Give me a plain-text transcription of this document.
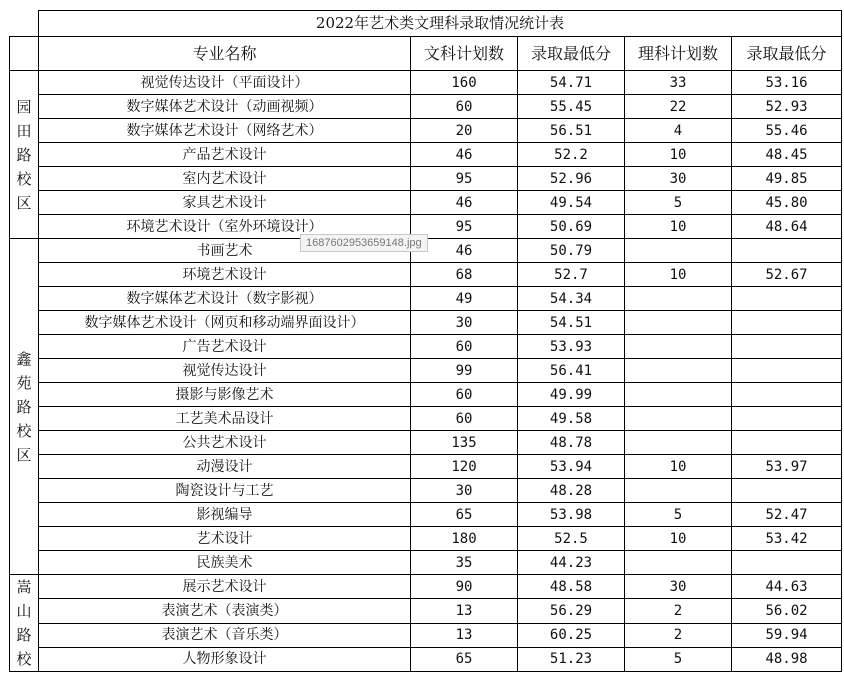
	2022年艺术类文理科录取情况统计表				
	专业名称	文科计划数	录取最低分	理科计划数	录取最低分

园
田
路
校
区	视觉传达设计（平面设计）	160	54.71	33	53.16
	数字媒体艺术设计（动画视频）	60	55.45	22	52.93
	数字媒体艺术设计（网络艺术）	20	56.51	4	55.46
	产品艺术设计	46	52.2	10	48.45
	室内艺术设计	95	52.96	30	49.85
	家具艺术设计	46	49.54	5	45.80
	环境艺术设计（室外环境设计）	95	50.69	10	48.64

鑫
苑
路
校
区	书画艺术	46	50.79		
	环境艺术设计	68	52.7	10	52.67
	数字媒体艺术设计（数字影视）	49	54.34		
	数字媒体艺术设计（网页和移动端界面设计）	30	54.51		
	广告艺术设计	60	53.93		
	视觉传达设计	99	56.41		
	摄影与影像艺术	60	49.99		
	工艺美术品设计	60	49.58		
	公共艺术设计	135	48.78		
	动漫设计	120	53.94	10	53.97
	陶瓷设计与工艺	30	48.28		
	影视编导	65	53.98	5	52.47
	艺术设计	180	52.5	10	53.42
	民族美术	35	44.23		

嵩
山
路
校	展示艺术设计	90	48.58	30	44.63
	表演艺术（表演类）	13	56.29	2	56.02
	表演艺术（音乐类）	13	60.25	2	59.94
	人物形象设计	65	51.23	5	48.98
1687602953659148.jpg
